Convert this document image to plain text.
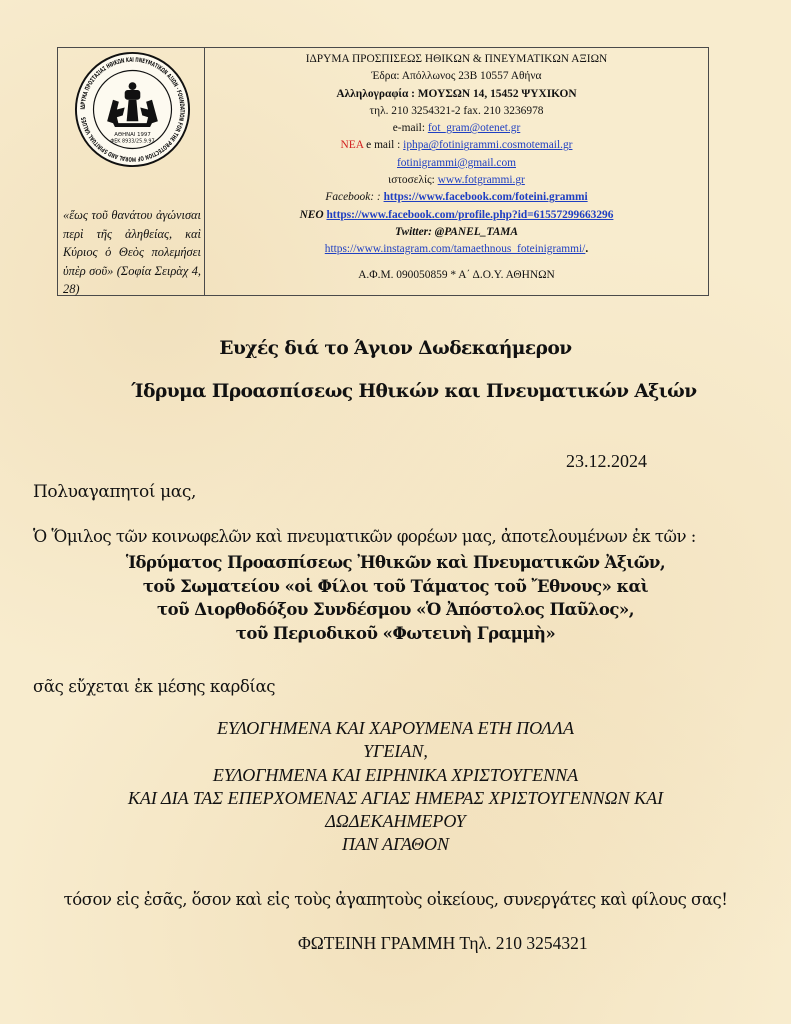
ΙΔΡΥΜΑ ΠΡΟΣΤΑΣΙΑΣ ΗΘΙΚΩΝ ΚΑΙ ΠΝΕΥΜΑΤΙΚΩΝ ΑΞΙΩΝ · FOUNDATION FOR THE PROTECTION OF MORAL AND SPIRITUAL VALUES
ΑΘΗΝΑΙ 1997
ΦΕΚ 8933/25.9.97
«ἕως τοῦ θανάτου ἀγώνισαι περὶ τῆς ἀληθείας, καὶ Κύριος ὁ Θεὸς πολεμήσει ὑπὲρ σοῦ» (Σοφία Σειρὰχ 4, 28)
ΙΔΡΥΜΑ ΠΡΟΣΠΙΣΕΩΣ ΗΘΙΚΩΝ & ΠΝΕΥΜΑΤΙΚΩΝ ΑΞΙΩΝ
Έδρα: Απόλλωνος 23Β 10557 Αθήνα
Αλληλογραφία : ΜΟΥΣΩΝ 14, 15452 ΨΥΧΙΚΟΝ
τηλ. 210 3254321-2 fax. 210 3236978
e-mail: fot_gram@otenet.gr
ΝΕΑ e mail : iphpa@fotinigrammi.cosmotemail.gr
fotinigrammi@gmail.com
ιστοσελίς: www.fotgrammi.gr
Facebook: : https://www.facebook.com/foteini.grammi
ΝΕΟ https://www.facebook.com/profile.php?id=61557299663296
Twitter: @PANEL_TAMA
https://www.instagram.com/tamaethnous_foteinigrammi/.
Α.Φ.Μ. 090050859 * Α΄ Δ.Ο.Υ. ΑΘΗΝΩΝ
Ευχές διά το Άγιον Δωδεκαήμερον
Ίδρυμα Προασπίσεως Ηθικών και Πνευματικών Αξιών
23.12.2024
Πολυαγαπητοί μας,
Ὁ Ὅμιλος τῶν κοινωφελῶν καὶ πνευματικῶν φορέων μας, ἀποτελουμένων ἐκ τῶν :
Ἱδρύματος Προασπίσεως Ἠθικῶν καὶ Πνευματικῶν Ἀξιῶν,
τοῦ Σωματείου «οἱ Φίλοι τοῦ Τάματος τοῦ Ἔθνους» καὶ
τοῦ Διορθοδόξου Συνδέσμου «Ὁ Ἀπόστολος Παῦλος»,
τοῦ Περιοδικοῦ «Φωτεινὴ Γραμμὴ»
σᾶς εὔχεται ἐκ μέσης καρδίας
ΕΥΛΟΓΗΜΕΝΑ ΚΑΙ ΧΑΡΟΥΜΕΝΑ ΕΤΗ ΠΟΛΛΑ
ΥΓΕΙΑΝ,
ΕΥΛΟΓΗΜΕΝΑ ΚΑΙ ΕΙΡΗΝΙΚΑ ΧΡΙΣΤΟΥΓΕΝΝΑ
ΚΑΙ ΔΙΑ ΤΑΣ ΕΠΕΡΧΟΜΕΝΑΣ ΑΓΙΑΣ ΗΜΕΡΑΣ ΧΡΙΣΤΟΥΓΕΝΝΩΝ ΚΑΙ
ΔΩΔΕΚΑΗΜΕΡΟΥ
ΠΑΝ ΑΓΑΘΟΝ
τόσον εἰς ἐσᾶς, ὅσον καὶ εἰς τοὺς ἀγαπητοὺς οἰκείους, συνεργάτες καὶ φίλους σας!
ΦΩΤΕΙΝΗ ΓΡΑΜΜΗ Τηλ. 210 3254321
